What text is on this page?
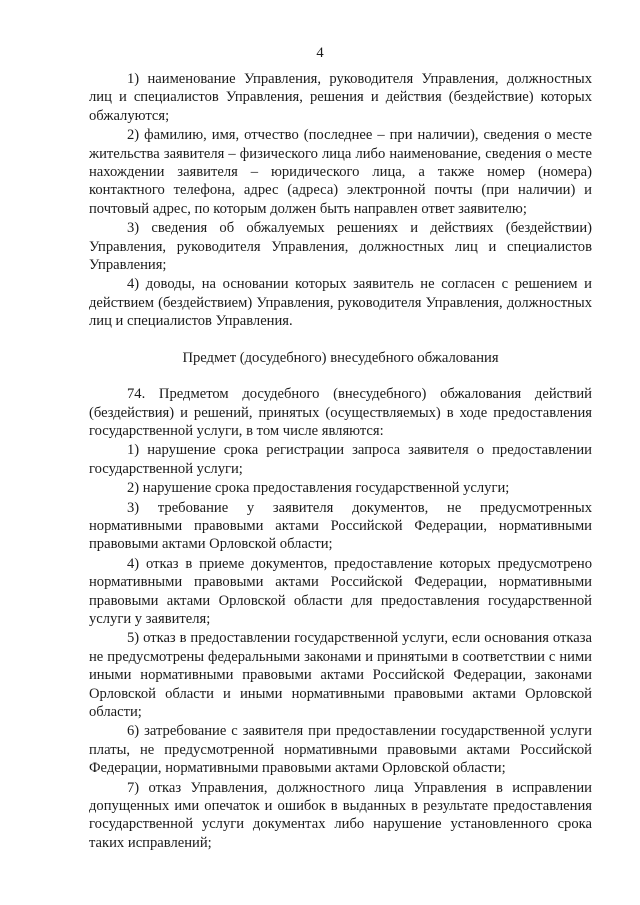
4

1) наименование Управления, руководителя Управления, должностных лиц и специалистов Управления, решения и действия (бездействие) которых обжалуются;

2) фамилию, имя, отчество (последнее – при наличии), сведения о месте жительства заявителя – физического лица либо наименование, сведения о месте нахождении заявителя – юридического лица, а также номер (номера) контактного телефона, адрес (адреса) электронной почты (при наличии) и почтовый адрес, по которым должен быть направлен ответ заявителю;

3) сведения об обжалуемых решениях и действиях (бездействии) Управления, руководителя Управления, должностных лиц и специалистов Управления;

4) доводы, на основании которых заявитель не согласен с решением и действием (бездействием) Управления, руководителя Управления, должностных лиц и специалистов Управления.

Предмет (досудебного) внесудебного обжалования

74. Предметом досудебного (внесудебного) обжалования действий (бездействия) и решений, принятых (осуществляемых) в ходе предоставления государственной услуги, в том числе являются:

1) нарушение срока регистрации запроса заявителя о предоставлении государственной услуги;

2) нарушение срока предоставления государственной услуги;

3) требование у заявителя документов, не предусмотренных нормативными правовыми актами Российской Федерации, нормативными правовыми актами Орловской области;

4) отказ в приеме документов, предоставление которых предусмотрено нормативными правовыми актами Российской Федерации, нормативными правовыми актами Орловской области для предоставления государственной услуги у заявителя;

5) отказ в предоставлении государственной услуги, если основания отказа не предусмотрены федеральными законами и принятыми в соответствии с ними иными нормативными правовыми актами Российской Федерации, законами Орловской области и иными нормативными правовыми актами Орловской области;

6) затребование с заявителя при предоставлении государственной услуги платы, не предусмотренной нормативными правовыми актами Российской Федерации, нормативными правовыми актами Орловской области;

7) отказ Управления, должностного лица Управления в исправлении допущенных ими опечаток и ошибок в выданных в результате предоставления государственной услуги документах либо нарушение установленного срока таких исправлений;
